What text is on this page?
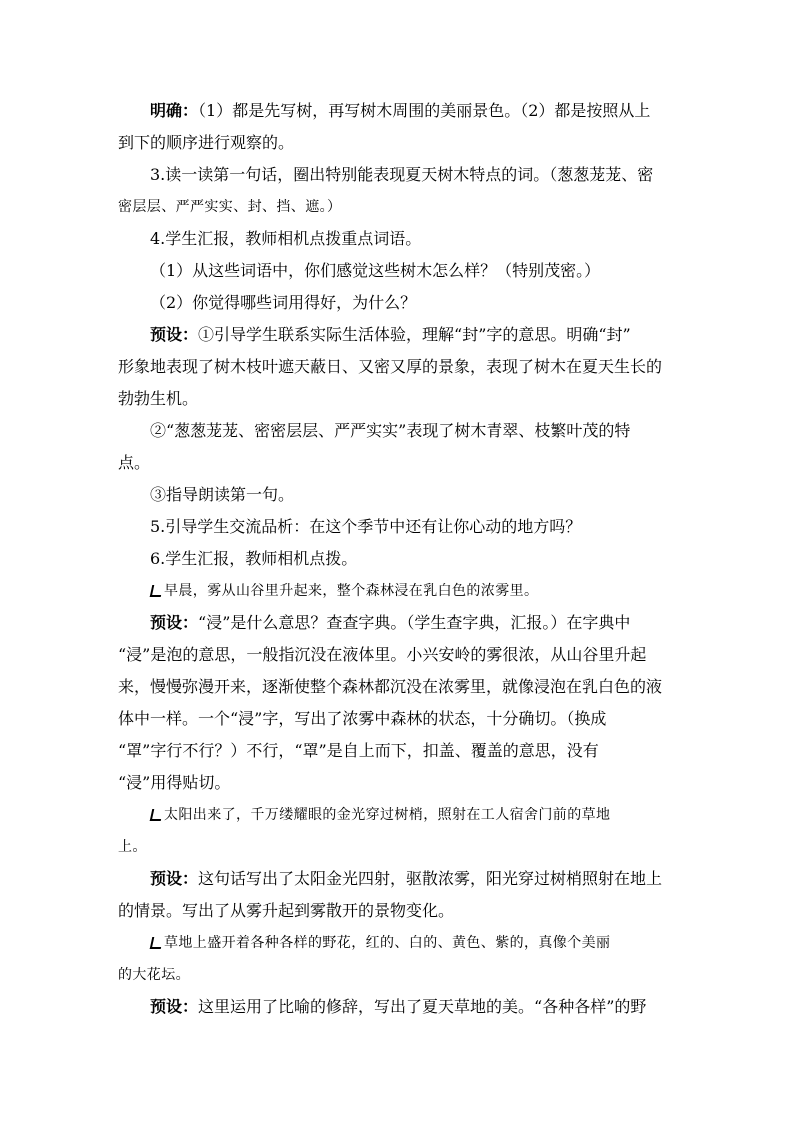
明确：（1）都是先写树，再写树木周围的美丽景色。（2）都是按照从上
到下的顺序进行观察的。
3.读一读第一句话，圈出特别能表现夏天树木特点的词。（葱葱茏茏、密
密层层、严严实实、封、挡、遮。）
4.学生汇报，教师相机点拨重点词语。
（1）从这些词语中，你们感觉这些树木怎么样？（特别茂密。）
（2）你觉得哪些词用得好，为什么？
预设：①引导学生联系实际生活体验，理解“封”字的意思。明确“封”
形象地表现了树木枝叶遮天蔽日、又密又厚的景象，表现了树木在夏天生长的
勃勃生机。
②“葱葱茏茏、密密层层、严严实实”表现了树木青翠、枝繁叶茂的特
点。
③指导朗读第一句。
5.引导学生交流品析：在这个季节中还有让你心动的地方吗？
6.学生汇报，教师相机点拨。
早晨，雾从山谷里升起来，整个森林浸在乳白色的浓雾里。
预设：“浸”是什么意思？查查字典。（学生查字典，汇报。）在字典中
“浸”是泡的意思，一般指沉没在液体里。小兴安岭的雾很浓，从山谷里升起
来，慢慢弥漫开来，逐渐使整个森林都沉没在浓雾里，就像浸泡在乳白色的液
体中一样。一个“浸”字，写出了浓雾中森林的状态，十分确切。（换成
“罩”字行不行？）不行，“罩”是自上而下，扣盖、覆盖的意思，没有
“浸”用得贴切。
太阳出来了，千万缕耀眼的金光穿过树梢，照射在工人宿舍门前的草地
上。
预设：这句话写出了太阳金光四射，驱散浓雾，阳光穿过树梢照射在地上
的情景。写出了从雾升起到雾散开的景物变化。
草地上盛开着各种各样的野花，红的、白的、黄色、紫的，真像个美丽
的大花坛。
预设：这里运用了比喻的修辞，写出了夏天草地的美。“各种各样”的野
